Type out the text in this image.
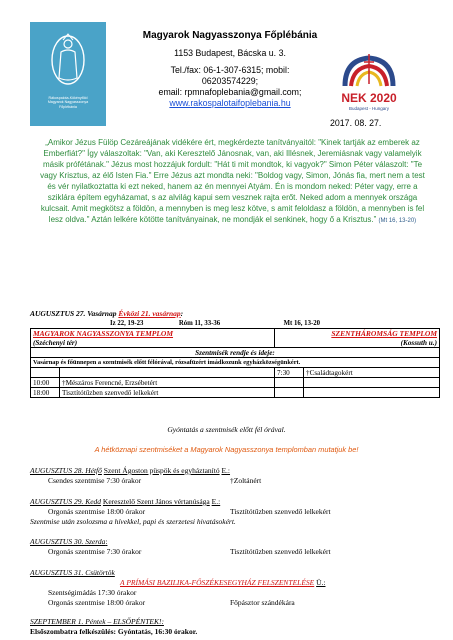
Rákospalota-Kökényföld
Magyarok Nagyasszonya
Főplébánia
Magyarok Nagyasszonya Főplébánia
1153 Budapest, Bácska u. 3.
Tel./fax: 06-1-307-6315; mobil:
06203574229;
email: rpmnafoplebania@gmail.com;
www.rakospalotaifoplebania.hu	NEK 2020
Budapest - Hungary
2017. 08. 27.
„Amikor Jézus Fülöp Cezáreájának vidékére ért, megkérdezte tanítványaitól: "Kinek tartják az emberek az Emberfiát?" Így válaszoltak: "Van, aki Keresztelő Jánosnak, van, aki Illésnek, Jeremiásnak vagy valamelyik másik prófétának." Jézus most hozzájuk fordult: "Hát ti mit mondtok, ki vagyok?" Simon Péter válaszolt: "Te vagy Krisztus, az élő Isten Fia." Erre Jézus azt mondta neki: "Boldog vagy, Simon, Jónás fia, mert nem a test és vér nyilatkoztatta ki ezt neked, hanem az én mennyei Atyám. Én is mondom neked: Péter vagy, erre a sziklára építem egyházamat, s az alvilág kapui sem vesznek rajta erőt. Neked adom a mennyek országa kulcsait. Amit megkötsz a földön, a mennyben is meg lesz kötve, s amit feloldasz a földön, a mennyben is fel lesz oldva." Aztán lelkére kötötte tanítványainak, ne mondják el senkinek, hogy ő a Krisztus.” (Mt 16, 13-20)
AUGUSZTUS 27. Vasárnap Évközi 21. vasárnap:
Iz 22, 19-23	Róm 11, 33-36	Mt 16, 13-20
MAGYAROK NAGYASSZONYA TEMPLOM		SZENTHÁROMSÁG TEMPLOM	
(Széchenyi tér)		(Kossuth u.)	
Szentmisék rendje és ideje:			
Vasárnap és főünnepen a szentmisék előtt félórával, rózsafüzért imádkozunk egyházközségünkért.			
		7:30	†Családtagokért
10:00	†Mészáros Ferencné, Erzsébetért		
18:00	Tisztítótűzben szenvedő lelkekért		
Gyóntatás a szentmisék előtt fél órával.
A hétköznapi szentmiséket a Magyarok Nagyasszonya templomban mutatjuk be!
AUGUSZTUS 28. Hétfő Szent Ágoston püspök és egyháztanító E.:
Csendes szentmise 7:30 órakor	†Zoltánért
AUGUSZTUS 29. Kedd Keresztelő Szent János vértanúsága E.:
Orgonás szentmise 18:00 órakor	Tisztítótűzben szenvedő lelkekért
Szentmise után zsolozsma a hívekkel, papi és szerzetesi hivatásokért.
AUGUSZTUS 30. Szerda:
Orgonás szentmise 7:30 órakor	Tisztítótűzben szenvedő lelkekért
AUGUSZTUS 31. Csütörtök
A PRÍMÁSI BAZILIKA-FŐSZÉKESEGYHÁZ FELSZENTELÉSE Ü.:
Szentségimádás 17:30 órakor
Orgonás szentmise 18:00 órakor	Főpásztor szándékára
SZEPTEMBER 1. Péntek – ELSŐPÉNTEK!:
Elsőszombatra felkészülés: Gyóntatás, 16:30 órakor.
